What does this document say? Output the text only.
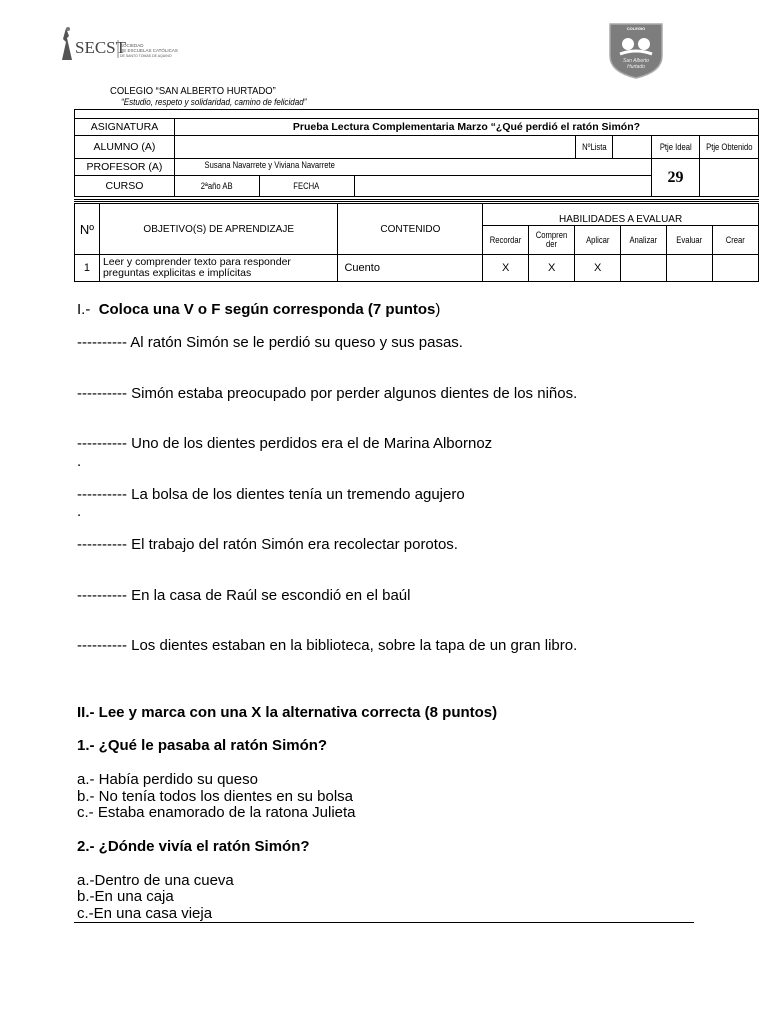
SECST
SOCIEDAD
DE ESCUELAS CATÓLICAS
DE SANTO TOMÁS DE AQUINO
COLEGIO
San Alberto
Hurtado
COLEGIO “SAN ALBERTO HURTADO”
“Estudio, respeto y solidaridad, camino de felicidad”

ASIGNATURA	Prueba Lectura Complementaria Marzo “¿Qué perdió el ratón Simón?						
ALUMNO (A)				NºLista		Ptje Ideal	Ptje Obtenido
PROFESOR (A)	Susana Navarrete y Viviana Navarrete					29	
CURSO	2ªaño AB	FECHA					
Nº	OBJETIVO(S) DE APRENDIZAJE	CONTENIDO	HABILIDADES A EVALUAR					
			Recordar	Compren der	Aplicar	Analizar	Evaluar	Crear
1	Leer y comprender texto para responder preguntas explicitas e implícitas	Cuento	X	X	X			
I.- Coloca una V o F según corresponda (7 puntos)
---------- Al ratón Simón se le perdió su queso y sus pasas.
---------- Simón estaba preocupado por perder algunos dientes de los niños.
---------- Uno de los dientes perdidos era el de Marina Albornoz
.
---------- La bolsa de los dientes tenía un tremendo agujero
.
---------- El trabajo del ratón Simón era recolectar porotos.
---------- En la casa de Raúl se escondió en el baúl
---------- Los dientes estaban en la biblioteca, sobre la tapa de un gran libro.
II.- Lee y marca con una X la alternativa correcta (8 puntos)
1.- ¿Qué le pasaba al ratón Simón?
a.- Había perdido su queso
b.- No tenía todos los dientes en su bolsa
c.- Estaba enamorado de la ratona Julieta
2.- ¿Dónde vivía el ratón Simón?
a.-Dentro de una cueva
b.-En una caja
c.-En una casa vieja
